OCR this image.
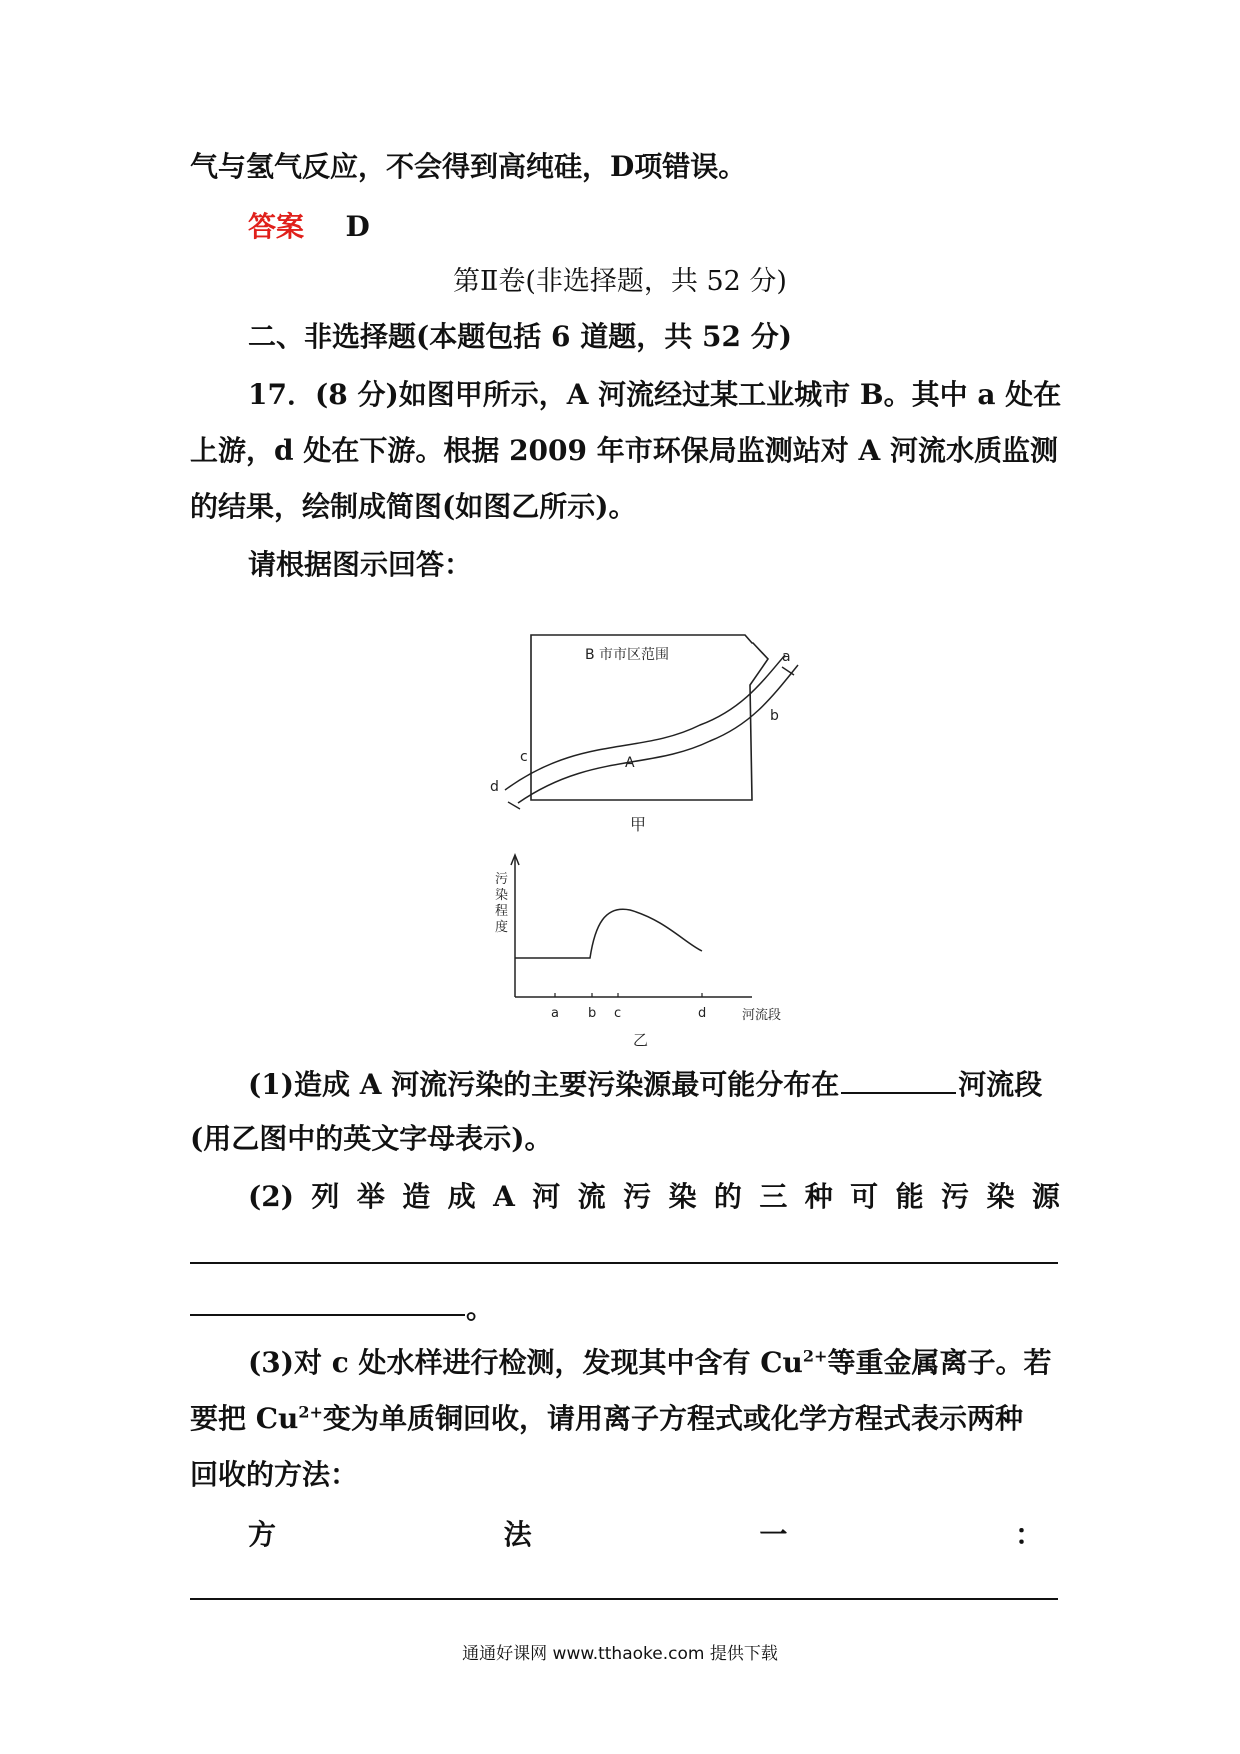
气与氢气反应，不会得到高纯硅，D项错误。
答案 D
第Ⅱ卷(非选择题，共 52 分)
二、非选择题(本题包括 6 道题，共 52 分)
17．(8 分)如图甲所示，A 河流经过某工业城市 B。其中 a 处在
上游，d 处在下游。根据 2009 年市环保局监测站对 A 河流水质监测
的结果，绘制成简图(如图乙所示)。
请根据图示回答：
B 市市区范围
A
a
b
c
d
甲
污
染
程
度
a b c	d	河流段
乙
(1)造成 A 河流污染的主要污染源最可能分布在	河流段
(用乙图中的英文字母表示)。
(2) 列 举 造 成 A 河 流 污 染 的 三 种 可 能 污 染 源
。
(3)对 c 处水样进行检测，发现其中含有 $Cu^{2+}$等重金属离子。若
要把 $Cu^{2+}$变为单质铜回收，请用离子方程式或化学方程式表示两种
回收的方法：
方	法	一	：
通通好课网 www.tthaoke.com 提供下载
